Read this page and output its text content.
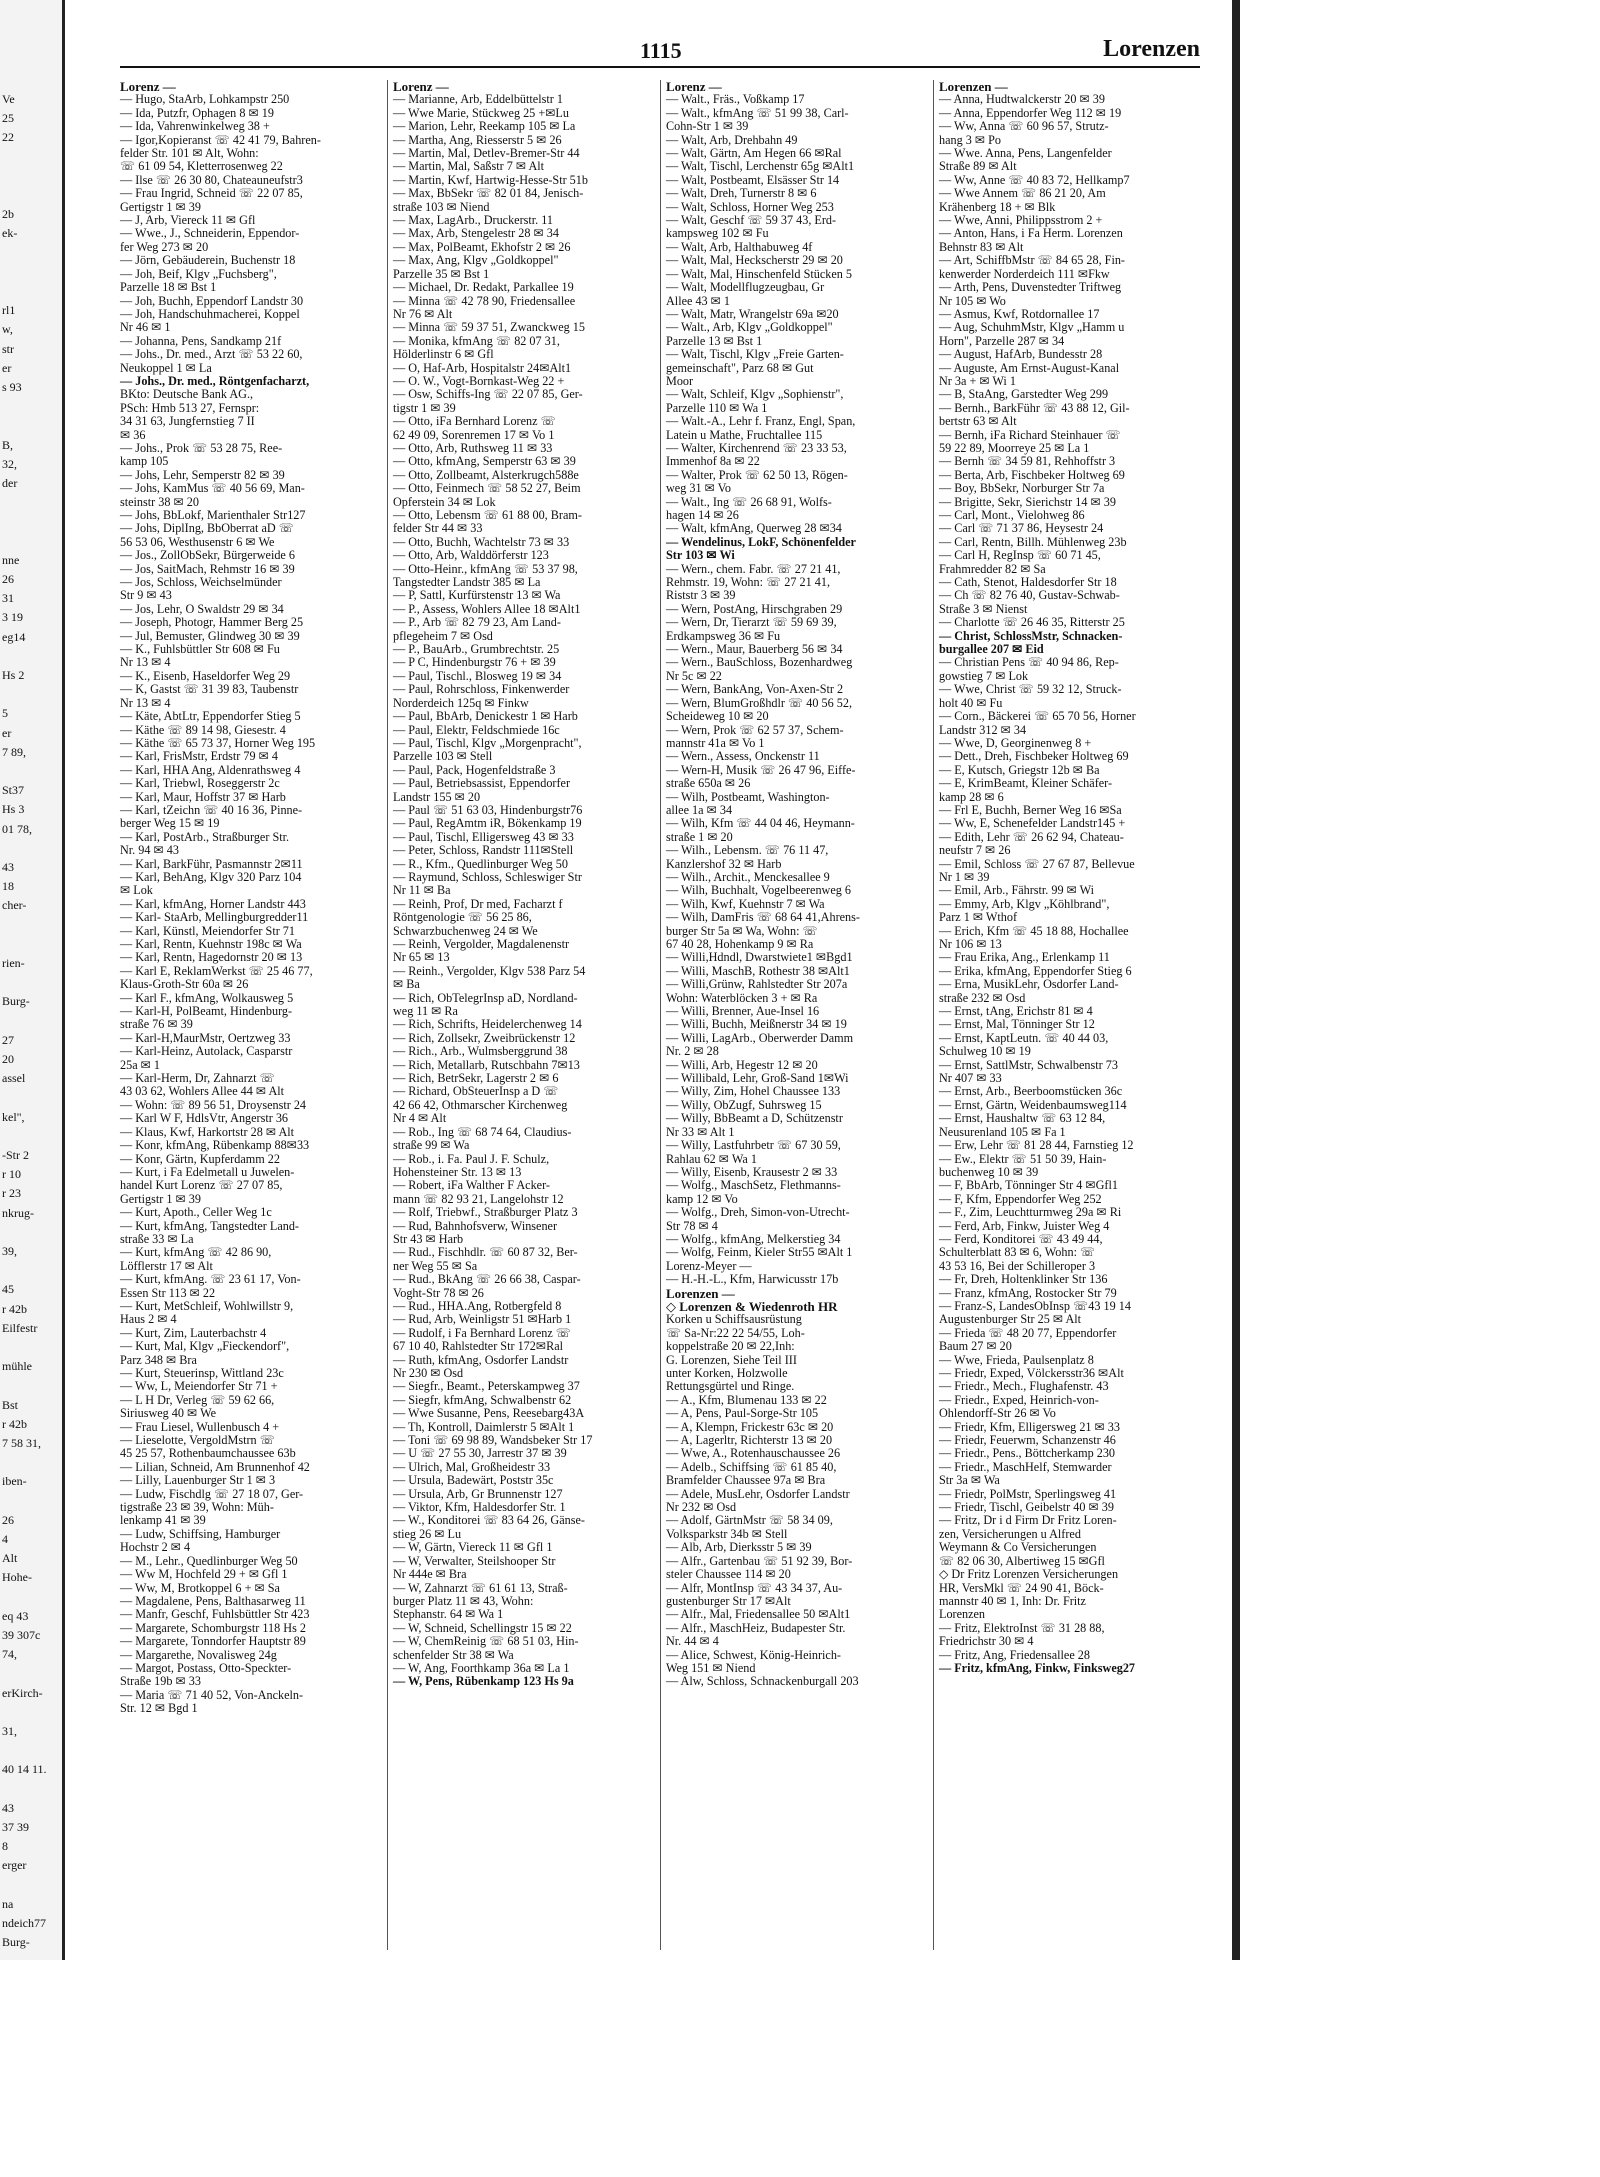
Ve
25
22
2b
ek-
rl1
w,
str
er
s 93
B,
32,
der
nne
26
31
3 19
eg14
Hs 2
5
er
7 89,
St37
Hs 3
01 78,
43
18
cher-
rien-
Burg-
27
20
assel
kel",
-Str 2
r 10
r 23
nkrug-
39,
45
r 42b
Eilfestr
mühle
Bst
r 42b
7 58 31,
iben-
26
4
Alt
Hohe-
eq 43
39 307c
74,
erKirch-
31,
40 14 11.
43
37 39
8
erger
na
ndeich77
Burg-
1115	Lorenzen
Lorenz —
— Hugo, StaArb, Lohkampstr 250
— Ida, Putzfr, Ophagen 8 ✉ 19
— Ida, Vahrenwinkelweg 38 +
— Igor,Kopieranst ☏ 42 41 79, Bahren-
felder Str. 101 ✉ Alt, Wohn:
☏ 61 09 54, Kletterrosenweg 22
— Ilse ☏ 26 30 80, Chateauneufstr3
— Frau Ingrid, Schneid ☏ 22 07 85,
Gertigstr 1 ✉ 39
— J, Arb, Viereck 11 ✉ Gfl
— Wwe., J., Schneiderin, Eppendor-
fer Weg 273 ✉ 20
— Jörn, Gebäuderein, Buchenstr 18
— Joh, Beif, Klgv „Fuchsberg",
Parzelle 18 ✉ Bst 1
— Joh, Buchh, Eppendorf Landstr 30
— Joh, Handschuhmacherei, Koppel
Nr 46 ✉ 1
— Johanna, Pens, Sandkamp 21f
— Johs., Dr. med., Arzt ☏ 53 22 60,
Neukoppel 1 ✉ La
— Johs., Dr. med., Röntgenfacharzt,
BKto: Deutsche Bank AG.,
PSch: Hmb 513 27, Fernspr:
34 31 63, Jungfernstieg 7 II
✉ 36
— Johs., Prok ☏ 53 28 75, Ree-
kamp 105
— Johs, Lehr, Semperstr 82 ✉ 39
— Johs, KamMus ☏ 40 56 69, Man-
steinstr 38 ✉ 20
— Johs, BbLokf, Marienthaler Str127
— Johs, DiplIng, BbOberrat aD ☏
56 53 06, Westhusenstr 6 ✉ We
— Jos., ZollObSekr, Bürgerweide 6
— Jos, SaitMach, Rehmstr 16 ✉ 39
— Jos, Schloss, Weichselmünder
Str 9 ✉ 43
— Jos, Lehr, O Swaldstr 29 ✉ 34
— Joseph, Photogr, Hammer Berg 25
— Jul, Bemuster, Glindweg 30 ✉ 39
— K., Fuhlsbüttler Str 608 ✉ Fu
Nr 13 ✉ 4
— K., Eisenb, Haseldorfer Weg 29
— K, Gastst ☏ 31 39 83, Taubenstr
Nr 13 ✉ 4
— Käte, AbtLtr, Eppendorfer Stieg 5
— Käthe ☏ 89 14 98, Giesestr. 4
— Käthe ☏ 65 73 37, Horner Weg 195
— Karl, FrisMstr, Erdstr 79 ✉ 4
— Karl, HHA Ang, Aldenrathsweg 4
— Karl, Triebwl, Roseggerstr 2c
— Karl, Maur, Hoffstr 37 ✉ Harb
— Karl, tZeichn ☏ 40 16 36, Pinne-
berger Weg 15 ✉ 19
— Karl, PostArb., Straßburger Str.
Nr. 94 ✉ 43
— Karl, BarkFühr, Pasmannstr 2✉11
— Karl, BehAng, Klgv 320 Parz 104
✉ Lok
— Karl, kfmAng, Horner Landstr 443
— Karl- StaArb, Mellingburgredder11
— Karl, Künstl, Meiendorfer Str 71
— Karl, Rentn, Kuehnstr 198c ✉ Wa
— Karl, Rentn, Hagedornstr 20 ✉ 13
— Karl E, ReklamWerkst ☏ 25 46 77,
Klaus-Groth-Str 60a ✉ 26
— Karl F., kfmAng, Wolkausweg 5
— Karl-H, PolBeamt, Hindenburg-
straße 76 ✉ 39
— Karl-H,MaurMstr, Oertzweg 33
— Karl-Heinz, Autolack, Casparstr
25a ✉ 1
— Karl-Herm, Dr, Zahnarzt ☏
43 03 62, Wohlers Allee 44 ✉ Alt
— Wohn: ☏ 89 56 51, Droysenstr 24
— Karl W F, HdlsVtr, Angerstr 36
— Klaus, Kwf, Harkortstr 28 ✉ Alt
— Konr, kfmAng, Rübenkamp 88✉33
— Konr, Gärtn, Kupferdamm 22
— Kurt, i Fa Edelmetall u Juwelen-
handel Kurt Lorenz ☏ 27 07 85,
Gertigstr 1 ✉ 39
— Kurt, Apoth., Celler Weg 1c
— Kurt, kfmAng, Tangstedter Land-
straße 33 ✉ La
— Kurt, kfmAng ☏ 42 86 90,
Löfflerstr 17 ✉ Alt
— Kurt, kfmAng. ☏ 23 61 17, Von-
Essen Str 113 ✉ 22
— Kurt, MetSchleif, Wohlwillstr 9,
Haus 2 ✉ 4
— Kurt, Zim, Lauterbachstr 4
— Kurt, Mal, Klgv „Fieckendorf",
Parz 348 ✉ Bra
— Kurt, Steuerinsp, Wittland 23c
— Ww, L, Meiendorfer Str 71 +
— L H Dr, Verleg ☏ 59 62 66,
Siriusweg 40 ✉ We
— Frau Liesel, Wullenbusch 4 +
— Lieselotte, VergoldMstrn ☏
45 25 57, Rothenbaumchaussee 63b
— Lilian, Schneid, Am Brunnenhof 42
— Lilly, Lauenburger Str 1 ✉ 3
— Ludw, Fischdlg ☏ 27 18 07, Ger-
tigstraße 23 ✉ 39, Wohn: Müh-
lenkamp 41 ✉ 39
— Ludw, Schiffsing, Hamburger
Hochstr 2 ✉ 4
— M., Lehr., Quedlinburger Weg 50
— Ww M, Hochfeld 29 + ✉ Gfl 1
— Ww, M, Brotkoppel 6 + ✉ Sa
— Magdalene, Pens, Balthasarweg 11
— Manfr, Geschf, Fuhlsbüttler Str 423
— Margarete, Schomburgstr 118 Hs 2
— Margarete, Tonndorfer Hauptstr 89
— Margarethe, Novalisweg 24g
— Margot, Postass, Otto-Speckter-
Straße 19b ✉ 33
— Maria ☏ 71 40 52, Von-Anckeln-
Str. 12 ✉ Bgd 1
Lorenz —
— Marianne, Arb, Eddelbüttelstr 1
— Wwe Marie, Stückweg 25 +✉Lu
— Marion, Lehr, Reekamp 105 ✉ La
— Martha, Ang, Riesserstr 5 ✉ 26
— Martin, Mal, Detlev-Bremer-Str 44
— Martin, Mal, Saßstr 7 ✉ Alt
— Martin, Kwf, Hartwig-Hesse-Str 51b
— Max, BbSekr ☏ 82 01 84, Jenisch-
straße 103 ✉ Niend
— Max, LagArb., Druckerstr. 11
— Max, Arb, Stengelestr 28 ✉ 34
— Max, PolBeamt, Ekhofstr 2 ✉ 26
— Max, Ang, Klgv „Goldkoppel"
Parzelle 35 ✉ Bst 1
— Michael, Dr. Redakt, Parkallee 19
— Minna ☏ 42 78 90, Friedensallee
Nr 76 ✉ Alt
— Minna ☏ 59 37 51, Zwanckweg 15
— Monika, kfmAng ☏ 82 07 31,
Hölderlinstr 6 ✉ Gfl
— O, Haf-Arb, Hospitalstr 24✉Alt1
— O. W., Vogt-Bornkast-Weg 22 +
— Osw, Schiffs-Ing ☏ 22 07 85, Ger-
tigstr 1 ✉ 39
— Otto, iFa Bernhard Lorenz ☏
62 49 09, Sorenremen 17 ✉ Vo 1
— Otto, Arb, Ruthsweg 11 ✉ 33
— Otto, kfmAng, Semperstr 63 ✉ 39
— Otto, Zollbeamt, Alsterkrugch588e
— Otto, Feinmech ☏ 58 52 27, Beim
Opferstein 34 ✉ Lok
— Otto, Lebensm ☏ 61 88 00, Bram-
felder Str 44 ✉ 33
— Otto, Buchh, Wachtelstr 73 ✉ 33
— Otto, Arb, Walddörferstr 123
— Otto-Heinr., kfmAng ☏ 53 37 98,
Tangstedter Landstr 385 ✉ La
— P, Sattl, Kurfürstenstr 13 ✉ Wa
— P., Assess, Wohlers Allee 18 ✉Alt1
— P., Arb ☏ 82 79 23, Am Land-
pflegeheim 7 ✉ Osd
— P., BauArb., Grumbrechtstr. 25
— P C, Hindenburgstr 76 + ✉ 39
— Paul, Tischl., Blosweg 19 ✉ 34
— Paul, Rohrschloss, Finkenwerder
Norderdeich 125q ✉ Finkw
— Paul, BbArb, Denickestr 1 ✉ Harb
— Paul, Elektr, Feldschmiede 16c
— Paul, Tischl, Klgv „Morgenpracht",
Parzelle 103 ✉ Stell
— Paul, Pack, Hogenfeldstraße 3
— Paul, Betriebsassist, Eppendorfer
Landstr 155 ✉ 20
— Paul ☏ 51 63 03, Hindenburgstr76
— Paul, RegAmtm iR, Bökenkamp 19
— Paul, Tischl, Elligersweg 43 ✉ 33
— Peter, Schloss, Randstr 111✉Stell
— R., Kfm., Quedlinburger Weg 50
— Raymund, Schloss, Schleswiger Str
Nr 11 ✉ Ba
— Reinh, Prof, Dr med, Facharzt f
Röntgenologie ☏ 56 25 86,
Schwarzbuchenweg 24 ✉ We
— Reinh, Vergolder, Magdalenenstr
Nr 65 ✉ 13
— Reinh., Vergolder, Klgv 538 Parz 54
✉ Ba
— Rich, ObTelegrInsp aD, Nordland-
weg 11 ✉ Ra
— Rich, Schrifts, Heidelerchenweg 14
— Rich, Zollsekr, Zweibrückenstr 12
— Rich., Arb., Wulmsberggrund 38
— Rich, Metallarb, Rutschbahn 7✉13
— Rich, BetrSekr, Lagerstr 2 ✉ 6
— Richard, ObSteuerInsp a D ☏
42 66 42, Othmarscher Kirchenweg
Nr 4 ✉ Alt
— Rob., Ing ☏ 68 74 64, Claudius-
straße 99 ✉ Wa
— Rob., i. Fa. Paul J. F. Schulz,
Hohensteiner Str. 13 ✉ 13
— Robert, iFa Walther F Acker-
mann ☏ 82 93 21, Langelohstr 12
— Rolf, Triebwf., Straßburger Platz 3
— Rud, Bahnhofsverw, Winsener
Str 43 ✉ Harb
— Rud., Fischhdlr. ☏ 60 87 32, Ber-
ner Weg 55 ✉ Sa
— Rud., BkAng ☏ 26 66 38, Caspar-
Voght-Str 78 ✉ 26
— Rud., HHA.Ang, Rotbergfeld 8
— Rud, Arb, Weinligstr 51 ✉Harb 1
— Rudolf, i Fa Bernhard Lorenz ☏
67 10 40, Rahlstedter Str 172✉Ral
— Ruth, kfmAng, Osdorfer Landstr
Nr 230 ✉ Osd
— Siegfr., Beamt., Peterskampweg 37
— Siegfr, kfmAng, Schwalbenstr 62
— Wwe Susanne, Pens, Reesebarg43A
— Th, Kontroll, Daimlerstr 5 ✉Alt 1
— Toni ☏ 69 98 89, Wandsbeker Str 17
— U ☏ 27 55 30, Jarrestr 37 ✉ 39
— Ulrich, Mal, Großheidestr 33
— Ursula, Badewärt, Poststr 35c
— Ursula, Arb, Gr Brunnenstr 127
— Viktor, Kfm, Haldesdorfer Str. 1
— W., Konditorei ☏ 83 64 26, Gänse-
stieg 26 ✉ Lu
— W, Gärtn, Viereck 11 ✉ Gfl 1
— W, Verwalter, Steilshooper Str
Nr 444e ✉ Bra
— W, Zahnarzt ☏ 61 61 13, Straß-
burger Platz 11 ✉ 43, Wohn:
Stephanstr. 64 ✉ Wa 1
— W, Schneid, Schellingstr 15 ✉ 22
— W, ChemReinig ☏ 68 51 03, Hin-
schenfelder Str 38 ✉ Wa
— W, Ang, Foorthkamp 36a ✉ La 1
— W, Pens, Rübenkamp 123 Hs 9a
Lorenz —
— Walt., Fräs., Voßkamp 17
— Walt., kfmAng ☏ 51 99 38, Carl-
Cohn-Str 1 ✉ 39
— Walt, Arb, Drehbahn 49
— Walt, Gärtn, Am Hegen 66 ✉Ral
— Walt, Tischl, Lerchenstr 65g ✉Alt1
— Walt, Postbeamt, Elsässer Str 14
— Walt, Dreh, Turnerstr 8 ✉ 6
— Walt, Schloss, Horner Weg 253
— Walt, Geschf ☏ 59 37 43, Erd-
kampsweg 102 ✉ Fu
— Walt, Arb, Halthabuweg 4f
— Walt, Mal, Heckscherstr 29 ✉ 20
— Walt, Mal, Hinschenfeld Stücken 5
— Walt, Modellflugzeugbau, Gr
Allee 43 ✉ 1
— Walt, Matr, Wrangelstr 69a ✉20
— Walt., Arb, Klgv „Goldkoppel"
Parzelle 13 ✉ Bst 1
— Walt, Tischl, Klgv „Freie Garten-
gemeinschaft", Parz 68 ✉ Gut
Moor
— Walt, Schleif, Klgv „Sophienstr",
Parzelle 110 ✉ Wa 1
— Walt.-A., Lehr f. Franz, Engl, Span,
Latein u Mathe, Fruchtallee 115
— Walter, Kirchenrend ☏ 23 33 53,
Immenhof 8a ✉ 22
— Walter, Prok ☏ 62 50 13, Rögen-
weg 31 ✉ Vo
— Walt., Ing ☏ 26 68 91, Wolfs-
hagen 14 ✉ 26
— Walt, kfmAng, Querweg 28 ✉34
— Wendelinus, LokF, Schönenfelder
Str 103 ✉ Wi
— Wern., chem. Fabr. ☏ 27 21 41,
Rehmstr. 19, Wohn: ☏ 27 21 41,
Riststr 3 ✉ 39
— Wern, PostAng, Hirschgraben 29
— Wern, Dr, Tierarzt ☏ 59 69 39,
Erdkampsweg 36 ✉ Fu
— Wern., Maur, Bauerberg 56 ✉ 34
— Wern., BauSchloss, Bozenhardweg
Nr 5c ✉ 22
— Wern, BankAng, Von-Axen-Str 2
— Wern, BlumGroßhdlr ☏ 40 56 52,
Scheideweg 10 ✉ 20
— Wern, Prok ☏ 62 57 37, Schem-
mannstr 41a ✉ Vo 1
— Wern., Assess, Onckenstr 11
— Wern-H, Musik ☏ 26 47 96, Eiffe-
straße 650a ✉ 26
— Wilh, Postbeamt, Washington-
allee 1a ✉ 34
— Wilh, Kfm ☏ 44 04 46, Heymann-
straße 1 ✉ 20
— Wilh., Lebensm. ☏ 76 11 47,
Kanzlershof 32 ✉ Harb
— Wilh., Archit., Menckesallee 9
— Wilh, Buchhalt, Vogelbeerenweg 6
— Wilh, Kwf, Kuehnstr 7 ✉ Wa
— Wilh, DamFris ☏ 68 64 41,Ahrens-
burger Str 5a ✉ Wa, Wohn: ☏
67 40 28, Hohenkamp 9 ✉ Ra
— Willi,Hdndl, Dwarstwiete1 ✉Bgd1
— Willi, MaschB, Rothestr 38 ✉Alt1
— Willi,Grünw, Rahlstedter Str 207a
Wohn: Waterblöcken 3 + ✉ Ra
— Willi, Brenner, Aue-Insel 16
— Willi, Buchh, Meißnerstr 34 ✉ 19
— Willi, LagArb., Oberwerder Damm
Nr. 2 ✉ 28
— Willi, Arb, Hegestr 12 ✉ 20
— Willibald, Lehr, Groß-Sand 1✉Wi
— Willy, Zim, Hohel Chaussee 133
— Willy, ObZugf, Suhrsweg 15
— Willy, BbBeamt a D, Schützenstr
Nr 33 ✉ Alt 1
— Willy, Lastfuhrbetr ☏ 67 30 59,
Rahlau 62 ✉ Wa 1
— Willy, Eisenb, Krausestr 2 ✉ 33
— Wolfg., MaschSetz, Flethmanns-
kamp 12 ✉ Vo
— Wolfg., Dreh, Simon-von-Utrecht-
Str 78 ✉ 4
— Wolfg., kfmAng, Melkerstieg 34
— Wolfg, Feinm, Kieler Str55 ✉Alt 1
Lorenz-Meyer —
— H.-H.-L., Kfm, Harwicusstr 17b
Lorenzen —
◇ Lorenzen & Wiedenroth HR
Korken u Schiffsausrüstung
☏ Sa-Nr:22 22 54/55, Loh-
koppelstraße 20 ✉ 22,Inh:
G. Lorenzen, Siehe Teil III
unter Korken, Holzwolle
Rettungsgürtel und Ringe.
— A., Kfm, Blumenau 133 ✉ 22
— A, Pens, Paul-Sorge-Str 105
— A, Klempn, Frickestr 63c ✉ 20
— A, Lagerltr, Richterstr 13 ✉ 20
— Wwe, A., Rotenhauschaussee 26
— Adelb., Schiffsing ☏ 61 85 40,
Bramfelder Chaussee 97a ✉ Bra
— Adele, MusLehr, Osdorfer Landstr
Nr 232 ✉ Osd
— Adolf, GärtnMstr ☏ 58 34 09,
Volksparkstr 34b ✉ Stell
— Alb, Arb, Dierksstr 5 ✉ 39
— Alfr., Gartenbau ☏ 51 92 39, Bor-
steler Chaussee 114 ✉ 20
— Alfr, MontInsp ☏ 43 34 37, Au-
gustenburger Str 17 ✉Alt
— Alfr., Mal, Friedensallee 50 ✉Alt1
— Alfr., MaschHeiz, Budapester Str.
Nr. 44 ✉ 4
— Alice, Schwest, König-Heinrich-
Weg 151 ✉ Niend
— Alw, Schloss, Schnackenburgall 203
Lorenzen —
— Anna, Hudtwalckerstr 20 ✉ 39
— Anna, Eppendorfer Weg 112 ✉ 19
— Ww, Anna ☏ 60 96 57, Strutz-
hang 3 ✉ Po
— Wwe. Anna, Pens, Langenfelder
Straße 89 ✉ Alt
— Ww, Anne ☏ 40 83 72, Hellkamp7
— Wwe Annem ☏ 86 21 20, Am
Krähenberg 18 + ✉ Blk
— Wwe, Anni, Philippsstrom 2 +
— Anton, Hans, i Fa Herm. Lorenzen
Behnstr 83 ✉ Alt
— Art, SchiffbMstr ☏ 84 65 28, Fin-
kenwerder Norderdeich 111 ✉Fkw
— Arth, Pens, Duvenstedter Triftweg
Nr 105 ✉ Wo
— Asmus, Kwf, Rotdornallee 17
— Aug, SchuhmMstr, Klgv „Hamm u
Horn", Parzelle 287 ✉ 34
— August, HafArb, Bundesstr 28
— Auguste, Am Ernst-August-Kanal
Nr 3a + ✉ Wi 1
— B, StaAng, Garstedter Weg 299
— Bernh., BarkFühr ☏ 43 88 12, Gil-
bertstr 63 ✉ Alt
— Bernh, iFa Richard Steinhauer ☏
59 22 89, Moorreye 25 ✉ La 1
— Bernh ☏ 34 59 81, Rehhoffstr 3
— Berta, Arb, Fischbeker Holtweg 69
— Boy, BbSekr, Norburger Str 7a
— Brigitte, Sekr, Sierichstr 14 ✉ 39
— Carl, Mont., Vielohweg 86
— Carl ☏ 71 37 86, Heysestr 24
— Carl, Rentn, Billh. Mühlenweg 23b
— Carl H, RegInsp ☏ 60 71 45,
Frahmredder 82 ✉ Sa
— Cath, Stenot, Haldesdorfer Str 18
— Ch ☏ 82 76 40, Gustav-Schwab-
Straße 3 ✉ Nienst
— Charlotte ☏ 26 46 35, Ritterstr 25
— Christ, SchlossMstr, Schnacken-
burgallee 207 ✉ Eid
— Christian Pens ☏ 40 94 86, Rep-
gowstieg 7 ✉ Lok
— Wwe, Christ ☏ 59 32 12, Struck-
holt 40 ✉ Fu
— Corn., Bäckerei ☏ 65 70 56, Horner
Landstr 312 ✉ 34
— Wwe, D, Georginenweg 8 +
— Dett., Dreh, Fischbeker Holtweg 69
— E, Kutsch, Griegstr 12b ✉ Ba
— E, KrimBeamt, Kleiner Schäfer-
kamp 28 ✉ 6
— Frl E, Buchh, Berner Weg 16 ✉Sa
— Ww, E, Schenefelder Landstr145 +
— Edith, Lehr ☏ 26 62 94, Chateau-
neufstr 7 ✉ 26
— Emil, Schloss ☏ 27 67 87, Bellevue
Nr 1 ✉ 39
— Emil, Arb., Fährstr. 99 ✉ Wi
— Emmy, Arb, Klgv „Köhlbrand",
Parz 1 ✉ Wthof
— Erich, Kfm ☏ 45 18 88, Hochallee
Nr 106 ✉ 13
— Frau Erika, Ang., Erlenkamp 11
— Erika, kfmAng, Eppendorfer Stieg 6
— Erna, MusikLehr, Osdorfer Land-
straße 232 ✉ Osd
— Ernst, tAng, Erichstr 81 ✉ 4
— Ernst, Mal, Tönninger Str 12
— Ernst, KaptLeutn. ☏ 40 44 03,
Schulweg 10 ✉ 19
— Ernst, SattlMstr, Schwalbenstr 73
Nr 407 ✉ 33
— Ernst, Arb., Beerboomstücken 36c
— Ernst, Gärtn, Weidenbaumsweg114
— Ernst, Haushaltw ☏ 63 12 84,
Neusurenland 105 ✉ Fa 1
— Erw, Lehr ☏ 81 28 44, Farnstieg 12
— Ew., Elektr ☏ 51 50 39, Hain-
buchenweg 10 ✉ 39
— F, BbArb, Tönninger Str 4 ✉Gfl1
— F, Kfm, Eppendorfer Weg 252
— F., Zim, Leuchtturmweg 29a ✉ Ri
— Ferd, Arb, Finkw, Juister Weg 4
— Ferd, Konditorei ☏ 43 49 44,
Schulterblatt 83 ✉ 6, Wohn: ☏
43 53 16, Bei der Schilleroper 3
— Fr, Dreh, Holtenklinker Str 136
— Franz, kfmAng, Rostocker Str 79
— Franz-S, LandesObInsp ☏43 19 14
Augustenburger Str 25 ✉ Alt
— Frieda ☏ 48 20 77, Eppendorfer
Baum 27 ✉ 20
— Wwe, Frieda, Paulsenplatz 8
— Friedr, Exped, Völckersstr36 ✉Alt
— Friedr., Mech., Flughafenstr. 43
— Friedr., Exped, Heinrich-von-
Ohlendorff-Str 26 ✉ Vo
— Friedr, Kfm, Elligersweg 21 ✉ 33
— Friedr, Feuerwm, Schanzenstr 46
— Friedr., Pens., Böttcherkamp 230
— Friedr., MaschHelf, Stemwarder
Str 3a ✉ Wa
— Friedr, PolMstr, Sperlingsweg 41
— Friedr, Tischl, Geibelstr 40 ✉ 39
— Fritz, Dr i d Firm Dr Fritz Loren-
zen, Versicherungen u Alfred
Weymann & Co Versicherungen
☏ 82 06 30, Albertiweg 15 ✉Gfl
◇ Dr Fritz Lorenzen Versicherungen
HR, VersMkl ☏ 24 90 41, Böck-
mannstr 40 ✉ 1, Inh: Dr. Fritz
Lorenzen
— Fritz, ElektroInst ☏ 31 28 88,
Friedrichstr 30 ✉ 4
— Fritz, Ang, Friedensallee 28
— Fritz, kfmAng, Finkw, Finksweg27
